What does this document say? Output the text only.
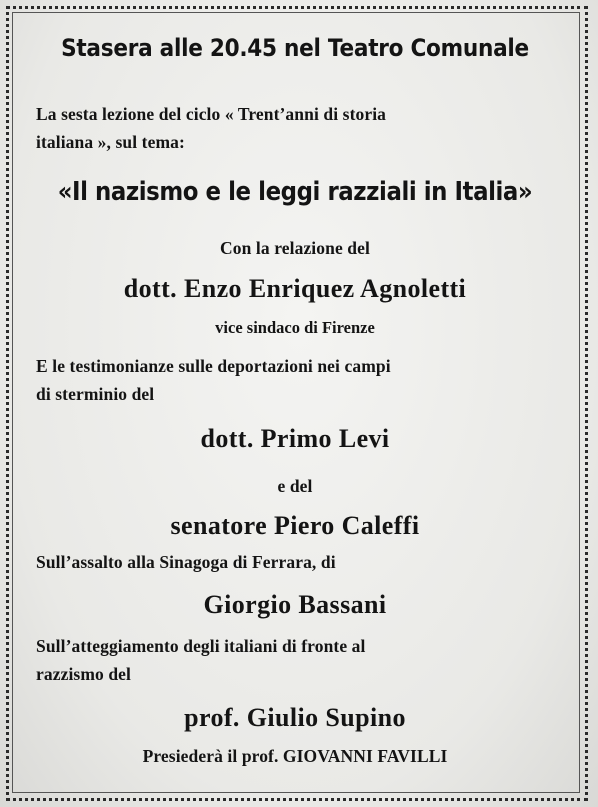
Stasera alle 20.45 nel Teatro Comunale
La sesta lezione del ciclo « Trent’anni di storia
italiana », sul tema:
«Il nazismo e le leggi razziali in Italia»
Con la relazione del
dott. Enzo Enriquez Agnoletti
vice sindaco di Firenze
E le testimonianze sulle deportazioni nei campi
di sterminio del
dott. Primo Levi
e del
senatore Piero Caleffi
Sull’assalto alla Sinagoga di Ferrara, di
Giorgio Bassani
Sull’atteggiamento degli italiani di fronte al
razzismo del
prof. Giulio Supino
Presiederà il prof. GIOVANNI FAVILLI
